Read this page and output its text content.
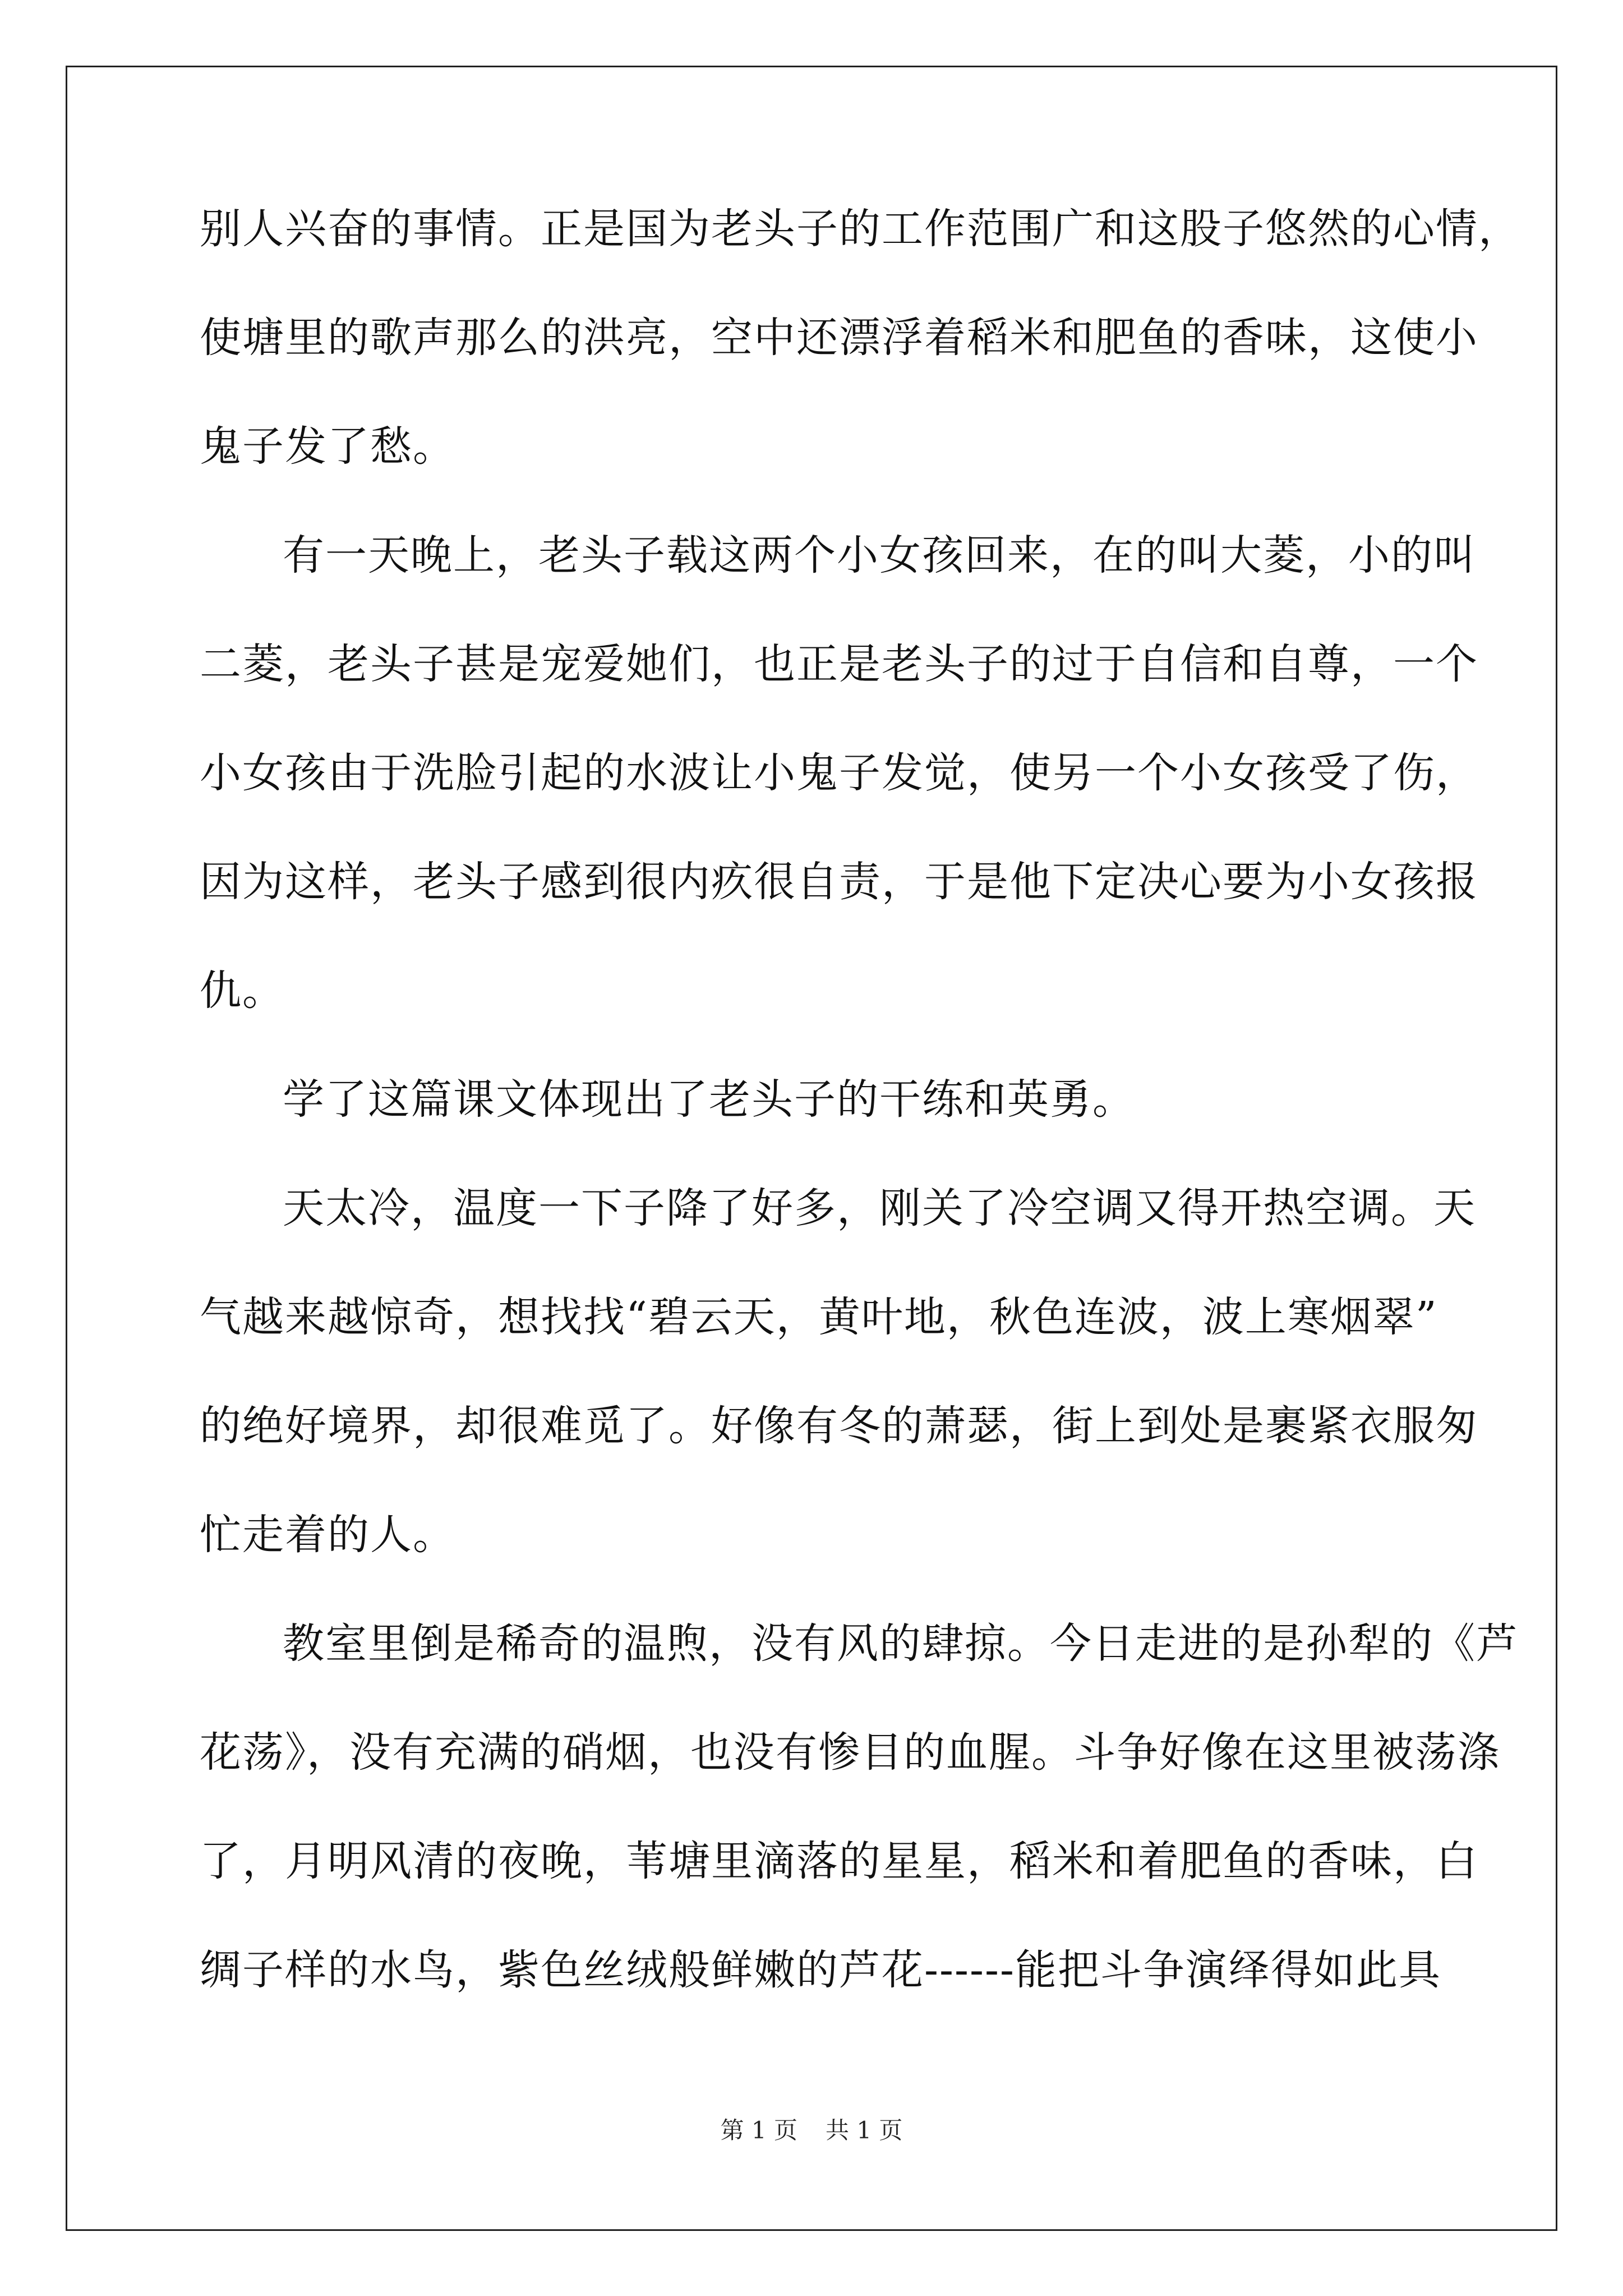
别人兴奋的事情。正是国为老头子的工作范围广和这股子悠然的心情，
使塘里的歌声那么的洪亮，空中还漂浮着稻米和肥鱼的香味，这使小
鬼子发了愁。
有一天晚上，老头子载这两个小女孩回来，在的叫大菱，小的叫
二菱，老头子甚是宠爱她们，也正是老头子的过于自信和自尊，一个
小女孩由于洗脸引起的水波让小鬼子发觉，使另一个小女孩受了伤，
因为这样，老头子感到很内疚很自责，于是他下定决心要为小女孩报
仇。
学了这篇课文体现出了老头子的干练和英勇。
天太冷，温度一下子降了好多，刚关了冷空调又得开热空调。天
气越来越惊奇，想找找“碧云天，黄叶地，秋色连波，波上寒烟翠”
的绝好境界，却很难觅了。好像有冬的萧瑟，街上到处是裹紧衣服匆
忙走着的人。
教室里倒是稀奇的温煦，没有风的肆掠。今日走进的是孙犁的《芦
花荡》，没有充满的硝烟，也没有惨目的血腥。斗争好像在这里被荡涤
了，月明风清的夜晚，苇塘里滴落的星星，稻米和着肥鱼的香味，白
绸子样的水鸟，紫色丝绒般鲜嫩的芦花------能把斗争演绎得如此具
第 1 页 共 1 页
